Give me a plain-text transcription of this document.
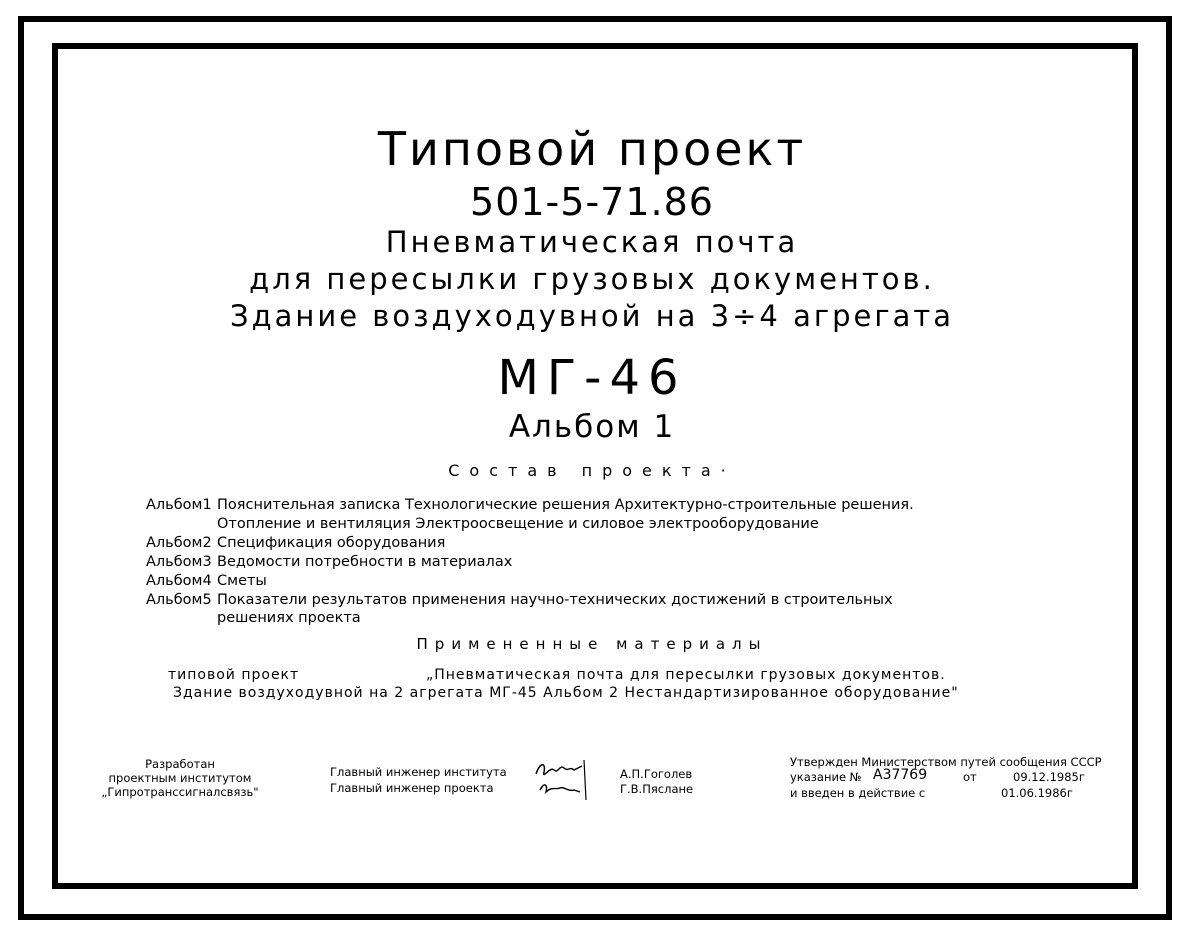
Типовой проект
501-5-71.86
Пневматическая почта
для пересылки грузовых документов.
Здание воздуходувной на 3÷4 агрегата
МГ-46
Альбом 1
Состав проекта·
Альбом1 Пояснительная записка Технологические решения Архитектурно-строительные решения.
Отопление и вентиляция Электроосвещение и силовое электрооборудование
Альбом2 Спецификация оборудования
Альбом3 Ведомости потребности в материалах
Альбом4 Сметы
Альбом5 Показатели результатов применения научно-технических достижений в строительных
решениях проекта
Примененные материалы
типовой проект	„Пневматическая почта для пересылки грузовых документов.
Здание воздуходувной на 2 агрегата МГ-45 Альбом 2 Нестандартизированное оборудование"
Разработан
проектным институтом
„Гипротранссигналсвязь"
Главный инженер института
Главный инженер проекта
А.П.Гоголев
Г.В.Пяслане
Утвержден Министерством путей сообщения СССР
указание № А37769	от	09.12.1985г
и введен в действие с	01.06.1986г
